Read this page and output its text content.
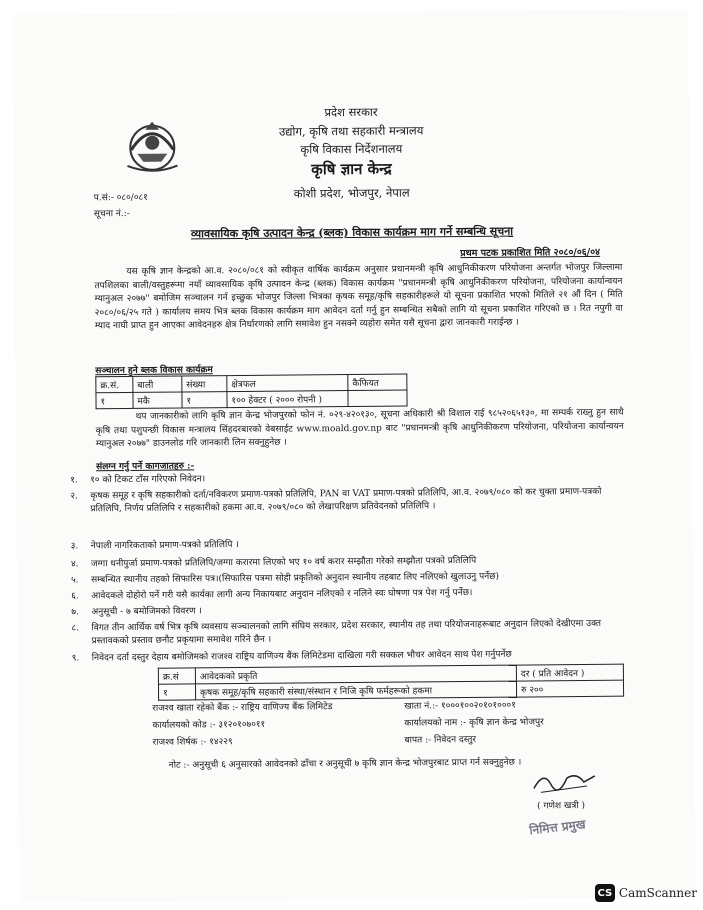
प्रदेश सरकार
उद्योग, कृषि तथा सहकारी मन्त्रालय
कृषि विकास निर्देशनालय
कृषि ज्ञान केन्द्र
कोशी प्रदेश, भोजपुर, नेपाल
प.सं:- ०८०/०८१
सूचना नं.:-
व्यावसायिक कृषि उत्पादन केन्द्र (ब्लक) विकास कार्यक्रम माग गर्ने सम्बन्धि सूचना
प्रथम पटक प्रकाशित मिति २०८०/०६/०४
यस कृषि ज्ञान केन्द्रको आ.व. २०८०/०८१ को स्वीकृत वार्षिक कार्यक्रम अनुसार प्रधानमन्त्री कृषि आधुनिकीकरण परियोजना अन्तर्गत भोजपुर जिल्लामा तपशिलका बाली/वस्तुहरूमा नयाँ व्यावसायिक कृषि उत्पादन केन्द्र (ब्लक) विकास कार्यक्रम "प्रधानमन्त्री कृषि आधुनिकीकरण परियोजना, परियोजना कार्यान्वयन म्यानुअल २०७७" बमोजिम सञ्चालन गर्न इच्छुक भोजपुर जिल्ला भित्रका कृषक समूह/कृषि सहकारीहरूले यो सूचना प्रकाशित भएको मितिले २१ औं दिन ( मिति २०८०/०६/२५ गते ) कार्यालय समय भित्र ब्लक विकास कार्यक्रम माग आवेदन दर्ता गर्नु हुन सम्बन्धित सबैको लागि यो सूचना प्रकाशित गरिएको छ । रित नपुगी वा म्याद नाघी प्राप्त हुन आएका आवेदनहरु क्षेत्र निर्धारणको लागि समावेश हुन नसक्ने व्यहोरा समेत यसै सूचना द्वारा जानकारी गराईन्छ ।
सञ्चालन हुने ब्लक विकास कार्यक्रम
क्र.सं.	बाली	संख्या	क्षेत्रफल	कैफियत
१	मकै	१	१०० हेक्टर ( २००० रोपनी )	
थप जानकारीको लागि कृषि ज्ञान केन्द्र भोजपुरको फोन नं. ०२९-४२०१३०, सूचना अधिकारी श्री विशाल राई ९८५२०६५१३०, मा सम्पर्क राख्नु हुन साथै कृषि तथा पशुपन्छी विकास मन्त्रालय सिंहदरबारको वेबसाईट www.moald.gov.np बाट "प्रधानमन्त्री कृषि आधुनिकीकरण परियोजना, परियोजना कार्यान्वयन म्यानुअल २०७७" डाउनलोड गरि जानकारी लिन सक्नुहुनेछ ।
संलग्न गर्नु पर्ने कागजातहरु :-
१. १० को टिकट टाँस गरिएको निवेदन।
२. कृषक समूह र कृषि सहकारीको दर्ता/नविकरण प्रमाण-पत्रको प्रतिलिपि, PAN वा VAT प्रमाण-पत्रको प्रतिलिपि, आ.व. २०७९/०८० को कर चुक्ता प्रमाण-पत्रको प्रतिलिपि, निर्णय प्रतिलिपि र सहकारीको हकमा आ.व. २०७९/०८० को लेखापरिक्षण प्रतिवेदनको प्रतिलिपि ।
३. नेपाली नागरिकताको प्रमाण-पत्रको प्रतिलिपि ।
४. जग्गा धनीपुर्जा प्रमाण-पत्रको प्रतिलिपि/जग्गा करारमा लिएको भए १० वर्ष करार सम्झौता गरेको सम्झौता पत्रको प्रतिलिपि
५. सम्बन्धित स्थानीय तहको सिफारिस पत्र।(सिफारिस पत्रमा सोही प्रकृतिको अनुदान स्थानीय तहबाट लिए नलिएको खुलाउनु पर्नेछ)
६. आवेदकले दोहोरो पर्ने गरी यसै कार्यका लागी अन्य निकायबाट अनुदान नलिएको र नलिने स्वः घोषणा पत्र पेश गर्नु पर्नेछ।
७. अनुसूची - ७ बमोजिमको विवरण ।
८. विगत तीन आर्थिक वर्ष भित्र कृषि व्यवसाय सञ्चालनको लागि संघिय सरकार, प्रदेश सरकार, स्थानीय तह तथा परियोजनाहरूबाट अनुदान लिएको देखीएमा उक्त प्रस्तावकको प्रस्ताव छनौट प्रकृयामा समावेश गरिने छैन ।
९. निवेदन दर्ता दस्तुर देहाय बमोजिमको राजश्व राष्ट्रिय वाणिज्य बैंक लिमिटेडमा दाखिला गरी सक्कल भौचर आवेदन साथ पेश गर्नुपर्नेछ
क्र.सं	आवेदकको प्रकृति	दर ( प्रति आवेदन )
१	कृषक समूह/कृषि सहकारी संस्था/संस्थान र निजि कृषि फर्महरूको हकमा	रु २००
राजश्व खाता रहेको बैंक :- राष्ट्रिय वाणिज्य बैंक लिमिटेड
कार्यालयको कोड :- ३१२०१०७०११
राजश्व शिर्षक :- १४२२९
खाता नं.:- १०००१००२०१०१०००१
कार्यालयको नाम :- कृषि ज्ञान केन्द्र भोजपुर
बापत :- निवेदन दस्तुर
नोट :- अनुसूची ६ अनुसारको आवेदनको ढाँचा र अनुसूची ७ कृषि ज्ञान केन्द्र भोजपुरबाट प्राप्त गर्न सक्नुहुनेछ ।
( गणेश खत्री )
निमित्त प्रमुख
CS CamScanner
